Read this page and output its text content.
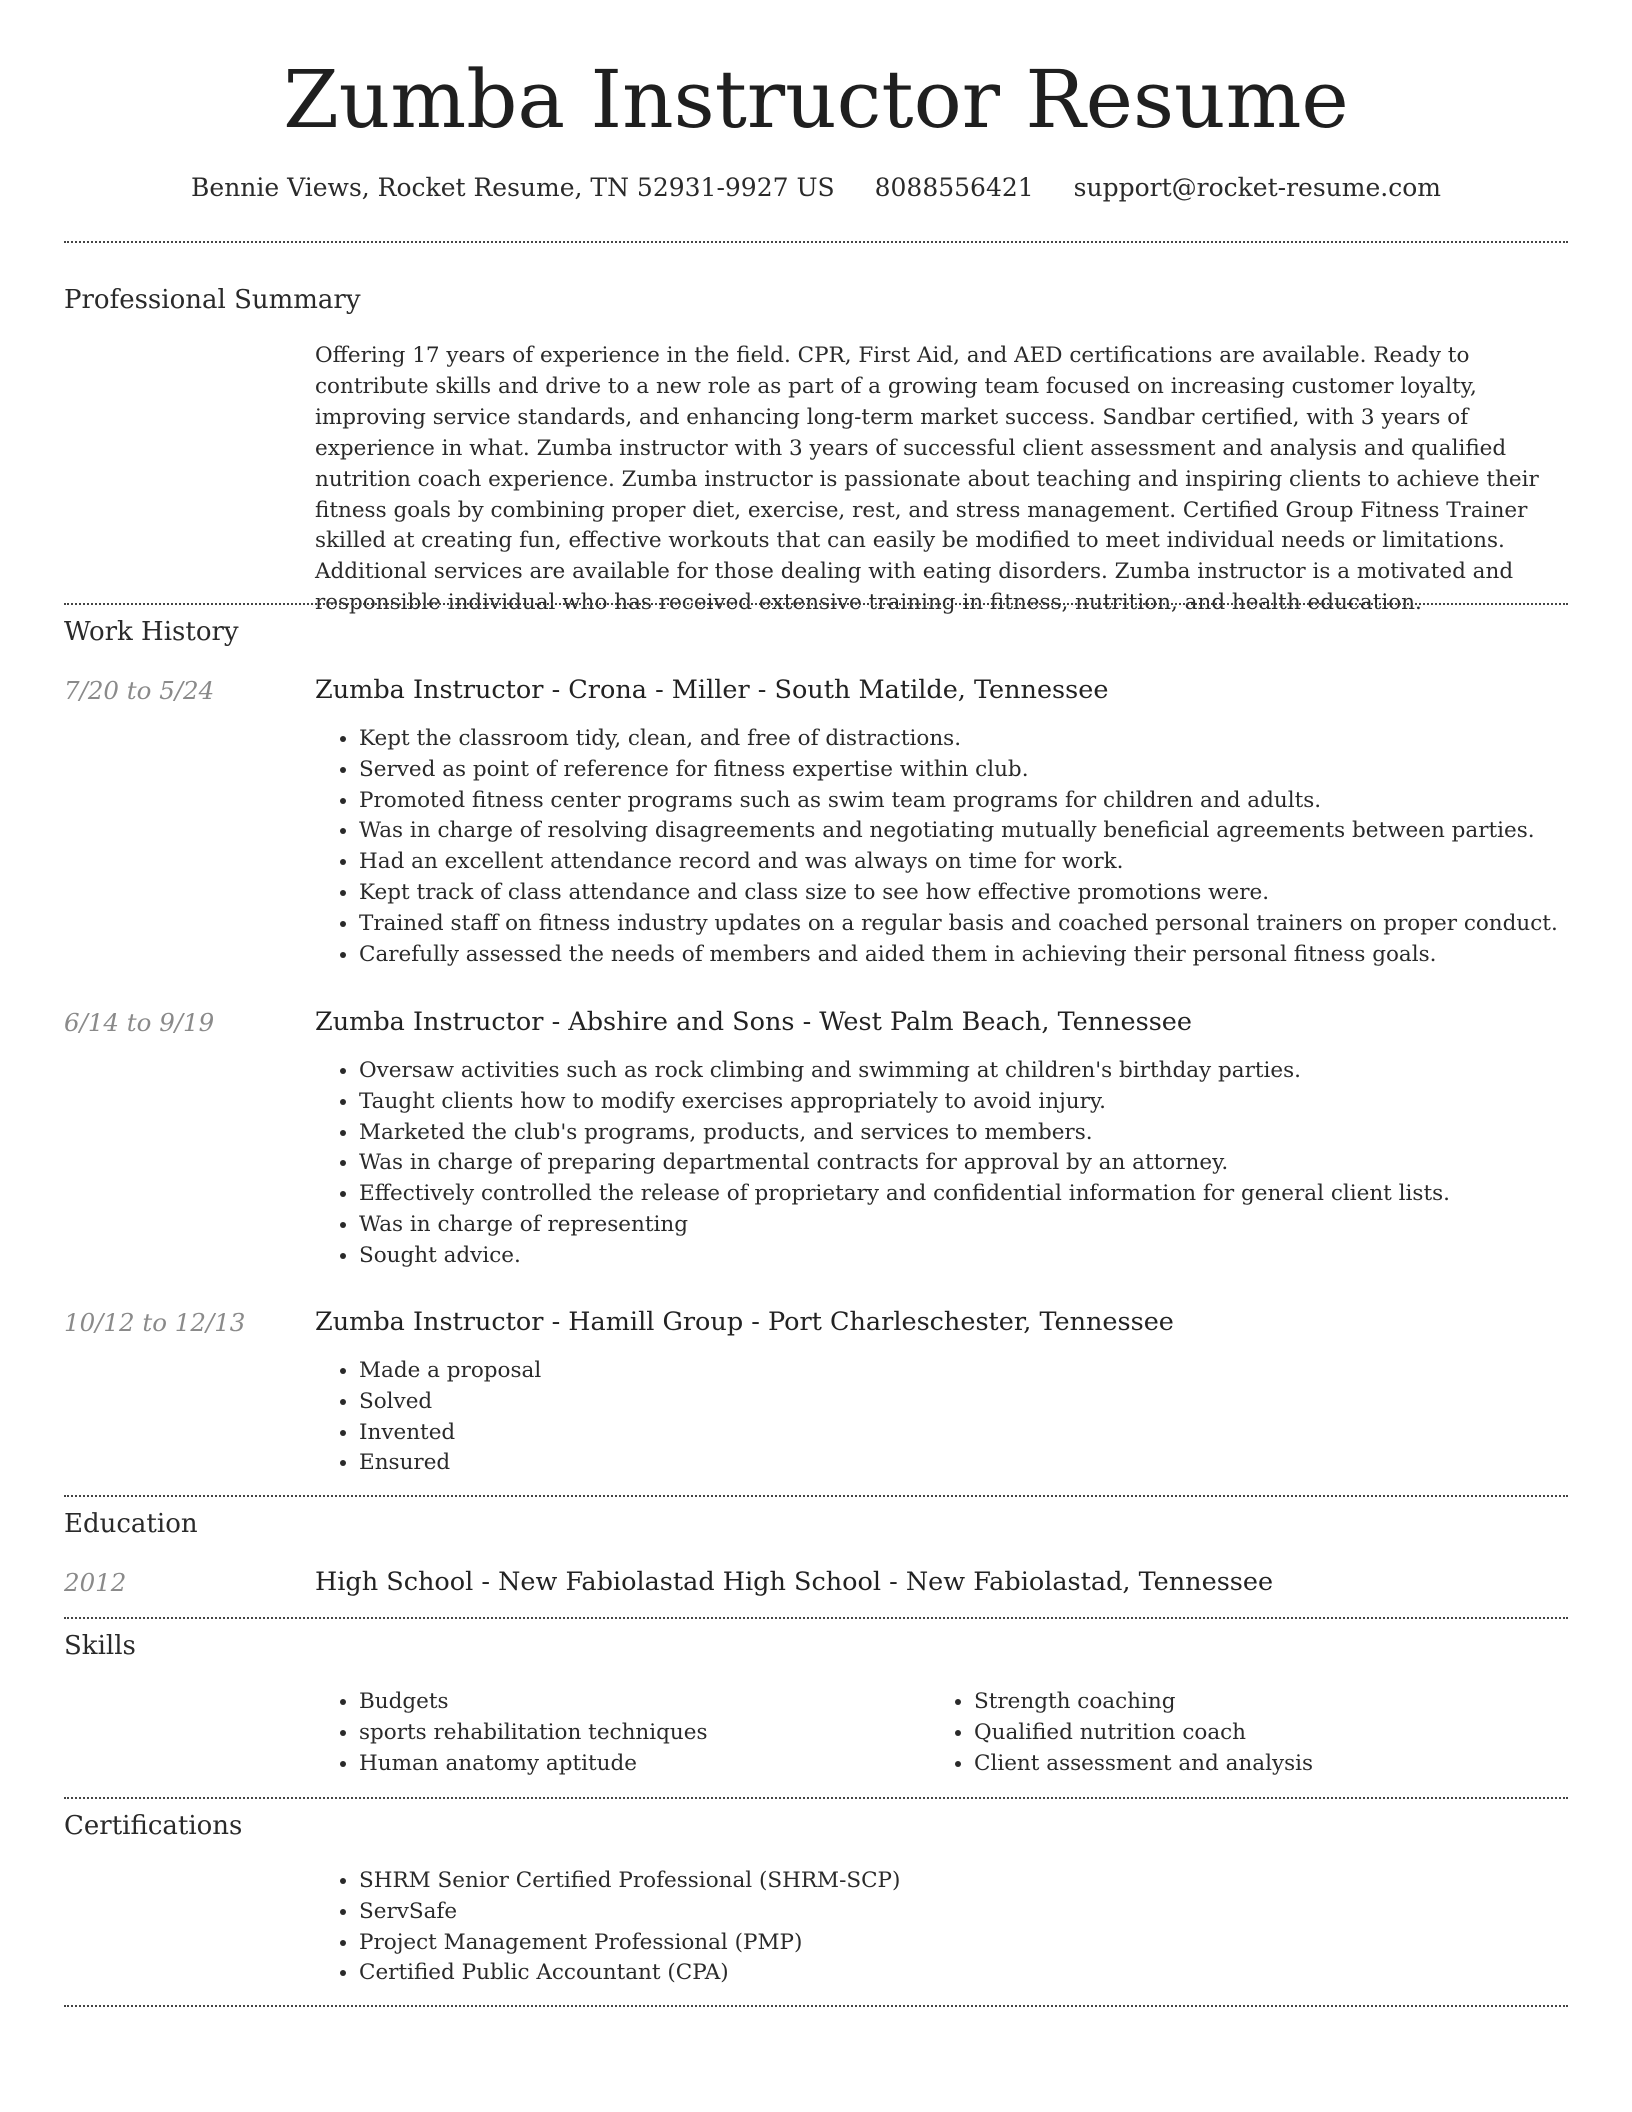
Zumba Instructor Resume
Bennie Views, Rocket Resume, TN 52931-9927 US 8088556421 support@rocket-resume.com
Professional Summary

Offering 17 years of experience in the field. CPR, First Aid, and AED certifications are available. Ready to contribute skills and drive to a new role as part of a growing team focused on increasing customer loyalty, improving service standards, and enhancing long-term market success. Sandbar certified, with 3 years of experience in what. Zumba instructor with 3 years of successful client assessment and analysis and qualified nutrition coach experience. Zumba instructor is passionate about teaching and inspiring clients to achieve their fitness goals by combining proper diet, exercise, rest, and stress management. Certified Group Fitness Trainer skilled at creating fun, effective workouts that can easily be modified to meet individual needs or limitations. Additional services are available for those dealing with eating disorders. Zumba instructor is a motivated and responsible individual who has received extensive training in fitness, nutrition, and health education.

Work History
7/20 to 5/24	Zumba Instructor - Crona - Miller - South Matilde, Tennessee
• Kept the classroom tidy, clean, and free of distractions.
• Served as point of reference for fitness expertise within club.
• Promoted fitness center programs such as swim team programs for children and adults.
• Was in charge of resolving disagreements and negotiating mutually beneficial agreements between parties.
• Had an excellent attendance record and was always on time for work.
• Kept track of class attendance and class size to see how effective promotions were.
• Trained staff on fitness industry updates on a regular basis and coached personal trainers on proper conduct.
• Carefully assessed the needs of members and aided them in achieving their personal fitness goals.
6/14 to 9/19	Zumba Instructor - Abshire and Sons - West Palm Beach, Tennessee
• Oversaw activities such as rock climbing and swimming at children's birthday parties.
• Taught clients how to modify exercises appropriately to avoid injury.
• Marketed the club's programs, products, and services to members.
• Was in charge of preparing departmental contracts for approval by an attorney.
• Effectively controlled the release of proprietary and confidential information for general client lists.
• Was in charge of representing
• Sought advice.
10/12 to 12/13	Zumba Instructor - Hamill Group - Port Charleschester, Tennessee
• Made a proposal
• Solved
• Invented
• Ensured
Education
2012	High School - New Fabiolastad High School - New Fabiolastad, Tennessee
Skills
• Budgets
• sports rehabilitation techniques
• Human anatomy aptitude
• Strength coaching
• Qualified nutrition coach
• Client assessment and analysis
Certifications
• SHRM Senior Certified Professional (SHRM-SCP)
• ServSafe
• Project Management Professional (PMP)
• Certified Public Accountant (CPA)
